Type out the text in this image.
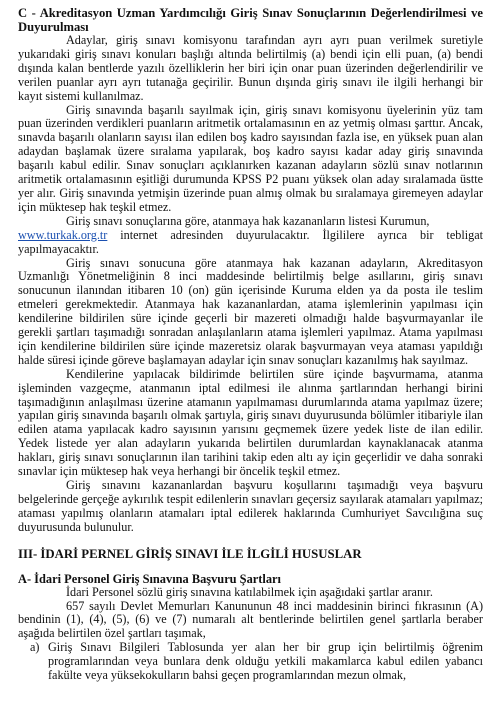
C - Akreditasyon Uzman Yardımcılığı Giriş Sınav Sonuçlarının Değerlendirilmesi ve Duyurulması

Adaylar, giriş sınavı komisyonu tarafından ayrı ayrı puan verilmek suretiyle yukarıdaki giriş sınavı konuları başlığı altında belirtilmiş (a) bendi için elli puan, (a) bendi dışında kalan bentlerde yazılı özelliklerin her biri için onar puan üzerinden değerlendirilir ve verilen puanlar ayrı ayrı tutanağa geçirilir. Bunun dışında giriş sınavı ile ilgili herhangi bir kayıt sistemi kullanılmaz.

Giriş sınavında başarılı sayılmak için, giriş sınavı komisyonu üyelerinin yüz tam puan üzerinden verdikleri puanların aritmetik ortalamasının en az yetmiş olması şarttır. Ancak, sınavda başarılı olanların sayısı ilan edilen boş kadro sayısından fazla ise, en yüksek puan alan adaydan başlamak üzere sıralama yapılarak, boş kadro sayısı kadar aday giriş sınavında başarılı kabul edilir. Sınav sonuçları açıklanırken kazanan adayların sözlü sınav notlarının aritmetik ortalamasının eşitliği durumunda KPSS P2 puanı yüksek olan aday sıralamada üstte yer alır. Giriş sınavında yetmişin üzerinde puan almış olmak bu sıralamaya giremeyen adaylar için müktesep hak teşkil etmez.

Giriş sınavı sonuçlarına göre, atanmaya hak kazananların listesi Kurumun,
www.turkak.org.tr internet adresinden duyurulacaktır. İlgililere ayrıca bir tebligat yapılmayacaktır.

Giriş sınavı sonucuna göre atanmaya hak kazanan adayların, Akreditasyon Uzmanlığı Yönetmeliğinin 8 inci maddesinde belirtilmiş belge asıllarını, giriş sınavı sonucunun ilanından itibaren 10 (on) gün içerisinde Kuruma elden ya da posta ile teslim etmeleri gerekmektedir. Atanmaya hak kazananlardan, atama işlemlerinin yapılması için kendilerine bildirilen süre içinde geçerli bir mazereti olmadığı halde başvurmayanlar ile gerekli şartları taşımadığı sonradan anlaşılanların atama işlemleri yapılmaz. Atama yapılması için kendilerine bildirilen süre içinde mazeretsiz olarak başvurmayan veya ataması yapıldığı halde süresi içinde göreve başlamayan adaylar için sınav sonuçları kazanılmış hak sayılmaz.

Kendilerine yapılacak bildirimde belirtilen süre içinde başvurmama, atanma işleminden vazgeçme, atanmanın iptal edilmesi ile alınma şartlarından herhangi birini taşımadığının anlaşılması üzerine atamanın yapılmaması durumlarında atama yapılmaz üzere; yapılan giriş sınavında başarılı olmak şartıyla, giriş sınavı duyurusunda bölümler itibariyle ilan edilen atama yapılacak kadro sayısının yarısını geçmemek üzere yedek liste de ilan edilir. Yedek listede yer alan adayların yukarıda belirtilen durumlardan kaynaklanacak atanma hakları, giriş sınavı sonuçlarının ilan tarihini takip eden altı ay için geçerlidir ve daha sonraki sınavlar için müktesep hak veya herhangi bir öncelik teşkil etmez.

Giriş sınavını kazananlardan başvuru koşullarını taşımadığı veya başvuru belgelerinde gerçeğe aykırılık tespit edilenlerin sınavları geçersiz sayılarak atamaları yapılmaz; ataması yapılmış olanların atamaları iptal edilerek haklarında Cumhuriyet Savcılığına suç duyurusunda bulunulur.

III- İDARİ PERNEL GİRİŞ SINAVI İLE İLGİLİ HUSUSLAR

A- İdari Personel Giriş Sınavına Başvuru Şartları

İdari Personel sözlü giriş sınavına katılabilmek için aşağıdaki şartlar aranır.

657 sayılı Devlet Memurları Kanununun 48 inci maddesinin birinci fıkrasının (A) bendinin (1), (4), (5), (6) ve (7) numaralı alt bentlerinde belirtilen genel şartlarla beraber aşağıda belirtilen özel şartları taşımak,

a) Giriş Sınavı Bilgileri Tablosunda yer alan her bir grup için belirtilmiş öğrenim programlarından veya bunlara denk olduğu yetkili makamlarca kabul edilen yabancı fakülte veya yüksekokulların bahsi geçen programlarından mezun olmak,
